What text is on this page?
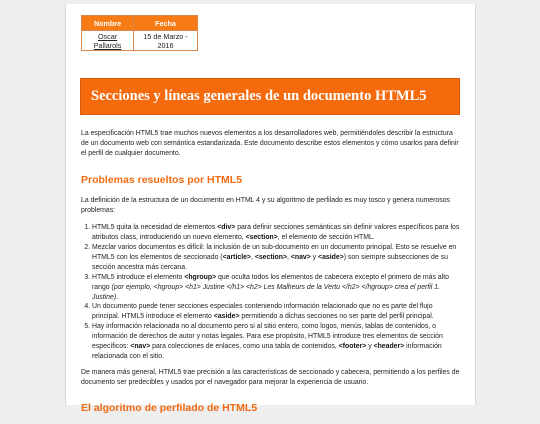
Nombre	Fecha
Oscar Pallarols	15 de Marzo - 2016
Secciones y líneas generales de un documento HTML5

La especificación HTML5 trae muchos nuevos elementos a los desarrolladores web, permitiéndoles describir la estructura de un documento web con semántica estandarizada. Este documento describe estos elementos y cómo usarlos para definir el perfil de cualquier documento.

Problemas resueltos por HTML5

La definición de la estructura de un documento en HTML 4 y su algoritmo de perfilado es muy tosco y genera numerosos problemas:

1. HTML5 quita la necesidad de elementos <div> para definir secciones semánticas sin definir valores específicos para los atributos class, introduciendo un nuevo elemento, <section>, el elemento de sección HTML.
2. Mezclar varios documentos es difícil: la inclusión de un sub-documento en un documento principal. Esto se resuelve en HTML5 con los elementos de seccionado (<article>, <section>, <nav> y <aside>) son siempre subsecciones de su sección ancestra más cercana.
3. HTML5 introduce el elemento <hgroup> que oculta todos los elementos de cabecera excepto el primero de más alto rango (por ejemplo, <hgroup> <h1> Justine </h1> <h2> Les Malheurs de la Vertu </h2> </hgroup> crea el perfil 1. Justine).
4. Un documento puede tener secciones especiales conteniendo información relacionado que no es parte del flujo principal. HTML5 introduce el elemento <aside> permitiendo a dichas secciones no ser parte del perfil principal.
5. Hay información relacionada no al documento pero si al sitio entero, como logos, menús, tablas de contenidos, o información de derechos de autor y notas legales. Para ese propósito, HTML5 introduce tres elementos de sección específicos: <nav> para colecciones de enlaces, como una tabla de contenidos, <footer> y <header> información relacionada con el sitio.

De manera más general, HTML5 trae precisión a las características de seccionado y cabecera, permitiendo a los perfiles de documento ser predecibles y usados por el navegador para mejorar la experiencia de usuario.

El algoritmo de perfilado de HTML5
